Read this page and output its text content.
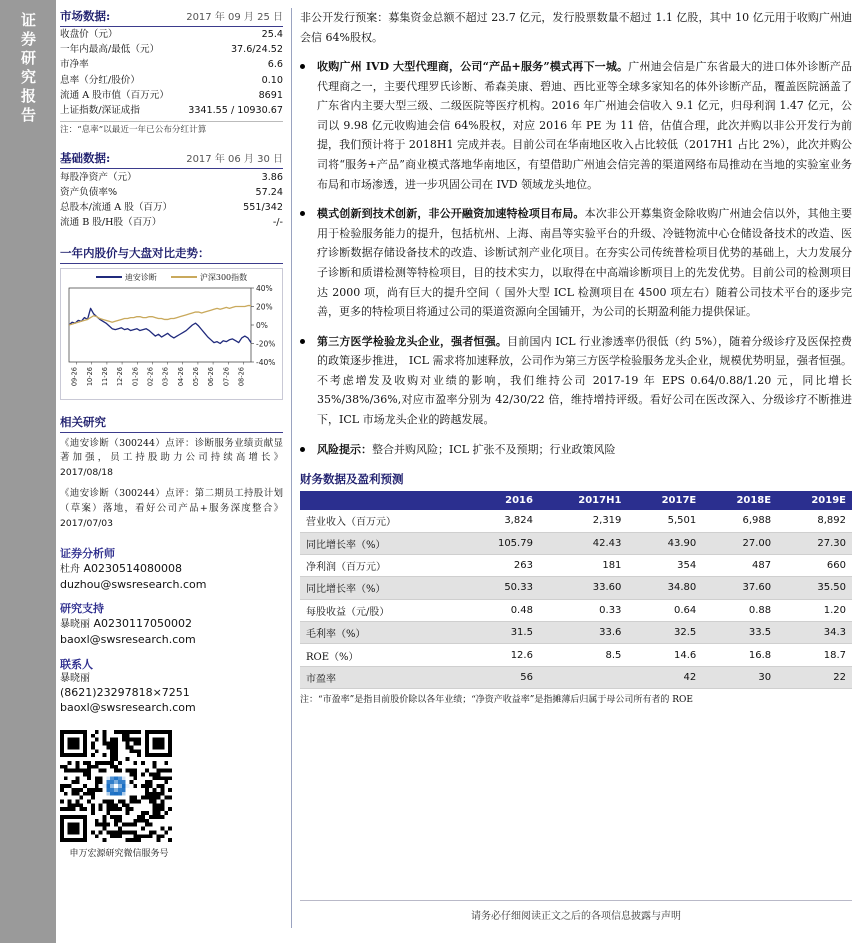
证券研究报告	市场数据:	2017 年 09 月 25 日
收盘价（元）	25.4
一年内最高/最低（元）	37.6/24.52
市净率	6.6
息率（分红/股价）	0.10
流通 A 股市值（百万元）	8691
上证指数/深证成指	3341.55 / 10930.67
注：“息率”以最近一年已公布分红计算
基础数据:	2017 年 06 月 30 日
每股净资产（元）	3.86
资产负债率%	57.24
总股本/流通 A 股（百万）	551/342
流通 B 股/H股（百万）	-/-
一年内股价与大盘对比走势：
迪安诊断	沪深300指数
40%
20%
0%
-20%
-40%
09-26 10-26 11-26 12-26 01-26 02-26 03-26 04-26 05-26 06-26 07-26 08-26
相关研究
《迪安诊断（300244）点评：诊断服务业绩贡献显著加强，员工持股助力公司持续高增长》 2017/08/18
《迪安诊断（300244）点评：第二期员工持股计划（草案）落地，看好公司产品+服务深度整合》 2017/07/03
证券分析师
杜舟 A0230514080008
duzhou@swsresearch.com
研究支持
暴晓丽 A0230117050002
baoxl@swsresearch.com
联系人
暴晓丽
(8621)23297818×7251
baoxl@swsresearch.com
申万宏源研究微信服务号

非公开发行预案：募集资金总额不超过 23.7 亿元，发行股票数量不超过 1.1 亿股，其中 10 亿元用于收购广州迪会信 64%股权。

收购广州 IVD 大型代理商，公司“产品+服务”模式再下一城。广州迪会信是广东省最大的进口体外诊断产品代理商之一，主要代理罗氏诊断、希森美康、碧迪、西比亚等全球多家知名的体外诊断产品，覆盖医院涵盖了广东省内主要大型三级、二级医院等医疗机构。2016 年广州迪会信收入 9.1 亿元，归母利润 1.47 亿元，公司以 9.98 亿元收购迪会信 64%股权，对应 2016 年 PE 为 11 倍，估值合理，此次并购以非公开发行为前提，我们预计将于 2018H1 完成并表。目前公司在华南地区收入占比较低（2017H1 占比 2%），此次并购公司将“服务+产品”商业模式落地华南地区，有望借助广州迪会信完善的渠道网络布局推动在当地的实验室业务布局和市场渗透，进一步巩固公司在 IVD 领域龙头地位。
模式创新到技术创新，非公开融资加速特检项目布局。本次非公开募集资金除收购广州迪会信以外，其他主要用于检验服务能力的提升，包括杭州、上海、南昌等实验平台的升级、冷链物流中心仓储设备技术的改造、医疗诊断数据存储设备技术的改造、诊断试剂产业化项目。在夯实公司传统普检项目优势的基础上，大力发展分子诊断和质谱检测等特检项目，目的技术实力，以取得在中高端诊断项目上的先发优势。目前公司的检测项目达 2000 项，尚有巨大的提升空间（ 国外大型 ICL 检测项目在 4500 项左右）随着公司技术平台的逐步完善，更多的特检项目将通过公司的渠道资源向全国铺开，为公司的长期盈利能力提供保证。
第三方医学检验龙头企业，强者恒强。目前国内 ICL 行业渗透率仍很低（约 5%），随着分级诊疗及医保控费的政策逐步推进， ICL 需求将加速释放，公司作为第三方医学检验服务龙头企业，规模优势明显，强者恒强。不考虑增发及收购对业绩的影响，我们维持公司 2017-19 年 EPS 0.64/0.88/1.20 元，同比增长 35%/38%/36%,对应市盈率分别为 42/30/22 倍，维持增持评级。看好公司在医改深入、分级诊疗不断推进下，ICL 市场龙头企业的跨越发展。
风险提示：整合并购风险；ICL 扩张不及预期；行业政策风险
财务数据及盈利预测
	2016	2017H1	2017E	2018E	2019E
营业收入（百万元）	3,824	2,319	5,501	6,988	8,892
同比增长率（%）	105.79	42.43	43.90	27.00	27.30
净利润（百万元）	263	181	354	487	660
同比增长率（%）	50.33	33.60	34.80	37.60	35.50
每股收益（元/股）	0.48	0.33	0.64	0.88	1.20
毛利率（%）	31.5	33.6	32.5	33.5	34.3
ROE（%）	12.6	8.5	14.6	16.8	18.7
市盈率	56		42	30	22
注：“市盈率”是指目前股价除以各年业绩；“净资产收益率”是指摊薄后归属于母公司所有者的 ROE
请务必仔细阅读正文之后的各项信息披露与声明
